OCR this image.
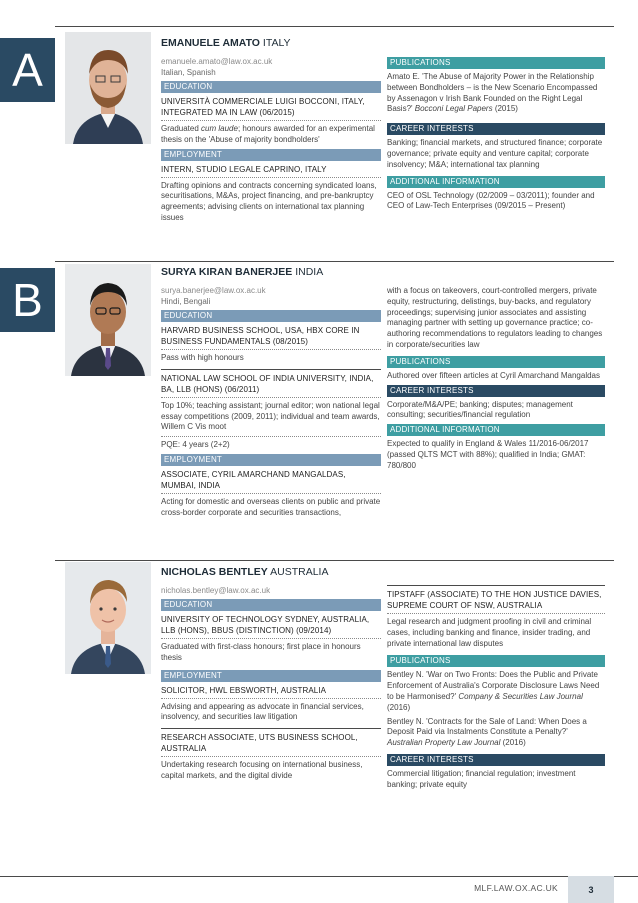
A
EMANUELE AMATO ITALY
emanuele.amato@law.ox.ac.uk
Italian, Spanish
EDUCATION
UNIVERSITÀ COMMERCIALE LUIGI BOCCONI, ITALY, INTEGRATED MA IN LAW (06/2015)
Graduated cum laude; honours awarded for an experimental thesis on the 'Abuse of majority bondholders'
EMPLOYMENT
INTERN, STUDIO LEGALE CAPRINO, ITALY
Drafting opinions and contracts concerning syndicated loans, securitisations, M&As, project financing, and pre-bankruptcy agreements; advising clients on international tax planning issues
PUBLICATIONS
Amato E. 'The Abuse of Majority Power in the Relationship between Bondholders – is the New Scenario Encompassed by Assenagon v Irish Bank Founded on the Right Legal Basis?' Bocconi Legal Papers (2015)
CAREER INTERESTS
Banking; financial markets, and structured finance; corporate governance; private equity and venture capital; corporate insolvency; M&A; international tax planning
ADDITIONAL INFORMATION
CEO of OSL Technology (02/2009 – 03/2011); founder and CEO of Law-Tech Enterprises (09/2015 – Present)
B
SURYA KIRAN BANERJEE INDIA
surya.banerjee@law.ox.ac.uk
Hindi, Bengali
EDUCATION
HARVARD BUSINESS SCHOOL, USA, HBX CORE IN BUSINESS FUNDAMENTALS (08/2015)
Pass with high honours
NATIONAL LAW SCHOOL OF INDIA UNIVERSITY, INDIA, BA, LLB (HONS) (06/2011)
Top 10%; teaching assistant; journal editor; won national legal essay competitions (2009, 2011); individual and team awards, Willem C Vis moot
PQE: 4 years (2+2)
EMPLOYMENT
ASSOCIATE, CYRIL AMARCHAND MANGALDAS, MUMBAI, INDIA
Acting for domestic and overseas clients on public and private cross-border corporate and securities transactions,
with a focus on takeovers, court-controlled mergers, private equity, restructuring, delistings, buy-backs, and regulatory proceedings; supervising junior associates and assisting managing partner with setting up governance practice; co-authoring recommendations to regulators leading to changes in corporate/securities law
PUBLICATIONS
Authored over fifteen articles at Cyril Amarchand Mangaldas
CAREER INTERESTS
Corporate/M&A/PE; banking; disputes; management consulting; securities/financial regulation
ADDITIONAL INFORMATION
Expected to qualify in England & Wales 11/2016-06/2017 (passed QLTS MCT with 88%); qualified in India; GMAT: 780/800
NICHOLAS BENTLEY AUSTRALIA
nicholas.bentley@law.ox.ac.uk
EDUCATION
UNIVERSITY OF TECHNOLOGY SYDNEY, AUSTRALIA, LLB (HONS), BBUS (DISTINCTION) (09/2014)
Graduated with first-class honours; first place in honours thesis
EMPLOYMENT
SOLICITOR, HWL EBSWORTH, AUSTRALIA
Advising and appearing as advocate in financial services, insolvency, and securities law litigation
RESEARCH ASSOCIATE, UTS BUSINESS SCHOOL, AUSTRALIA
Undertaking research focusing on international business, capital markets, and the digital divide
TIPSTAFF (ASSOCIATE) TO THE HON JUSTICE DAVIES, SUPREME COURT OF NSW, AUSTRALIA
Legal research and judgment proofing in civil and criminal cases, including banking and finance, insider trading, and private international law disputes
PUBLICATIONS
Bentley N. 'War on Two Fronts: Does the Public and Private Enforcement of Australia's Corporate Disclosure Laws Need to be Harmonised?' Company & Securities Law Journal (2016)
Bentley N. 'Contracts for the Sale of Land: When Does a Deposit Paid via Instalments Constitute a Penalty?' Australian Property Law Journal (2016)
CAREER INTERESTS
Commercial litigation; financial regulation; investment banking; private equity
MLF.LAW.OX.AC.UK	3
